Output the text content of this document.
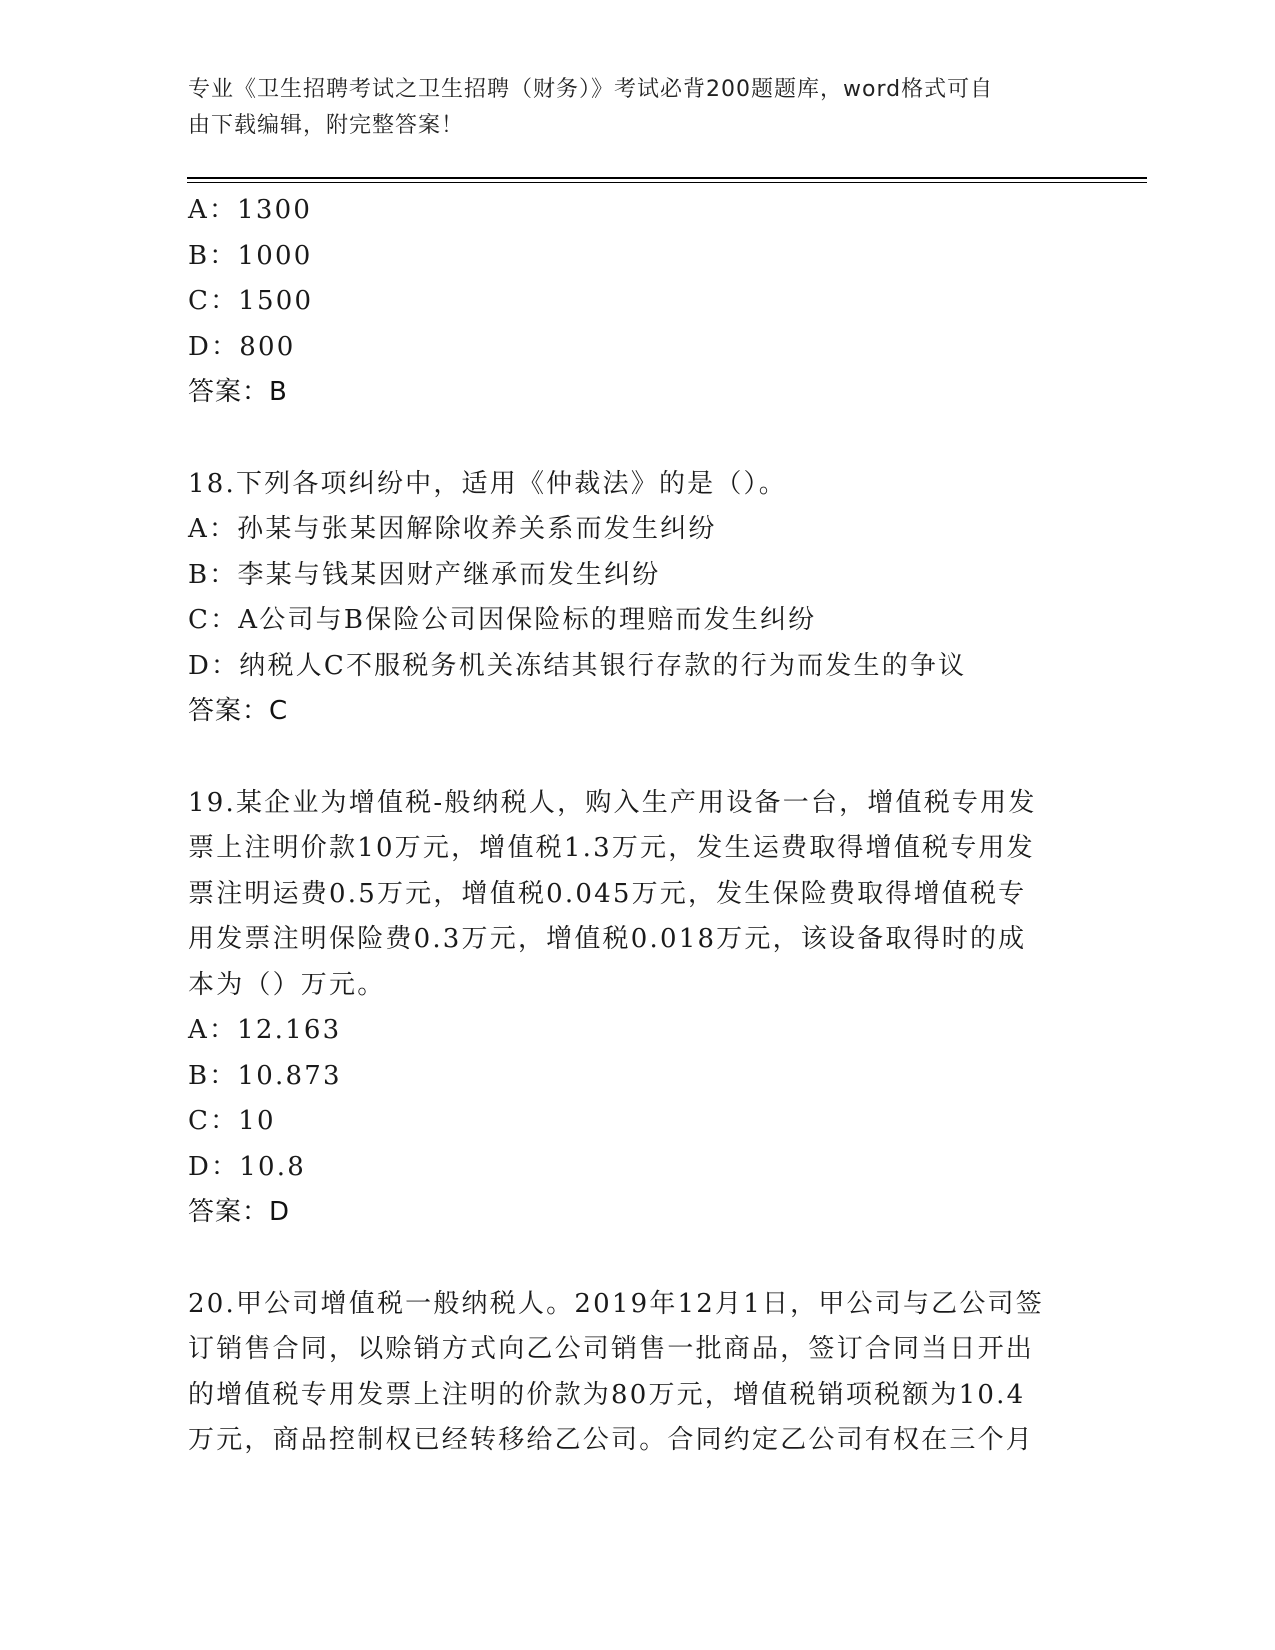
专业《卫生招聘考试之卫生招聘（财务）》考试必背200题题库，word格式可自
由下载编辑，附完整答案！
A：1300
B：1000
C：1500
D：800
答案：B
18.下列各项纠纷中，适用《仲裁法》的是（）。
A：孙某与张某因解除收养关系而发生纠纷
B：李某与钱某因财产继承而发生纠纷
C：A公司与B保险公司因保险标的理赔而发生纠纷
D：纳税人C不服税务机关冻结其银行存款的行为而发生的争议
答案：C
19.某企业为增值税-般纳税人，购入生产用设备一台，增值税专用发
票上注明价款10万元，增值税1.3万元，发生运费取得增值税专用发
票注明运费0.5万元，增值税0.045万元，发生保险费取得增值税专
用发票注明保险费0.3万元，增值税0.018万元，该设备取得时的成
本为（）万元。
A：12.163
B：10.873
C：10
D：10.8
答案：D
20.甲公司增值税一般纳税人。2019年12月1日，甲公司与乙公司签
订销售合同，以赊销方式向乙公司销售一批商品，签订合同当日开出
的增值税专用发票上注明的价款为80万元，增值税销项税额为10.4
万元，商品控制权已经转移给乙公司。合同约定乙公司有权在三个月
